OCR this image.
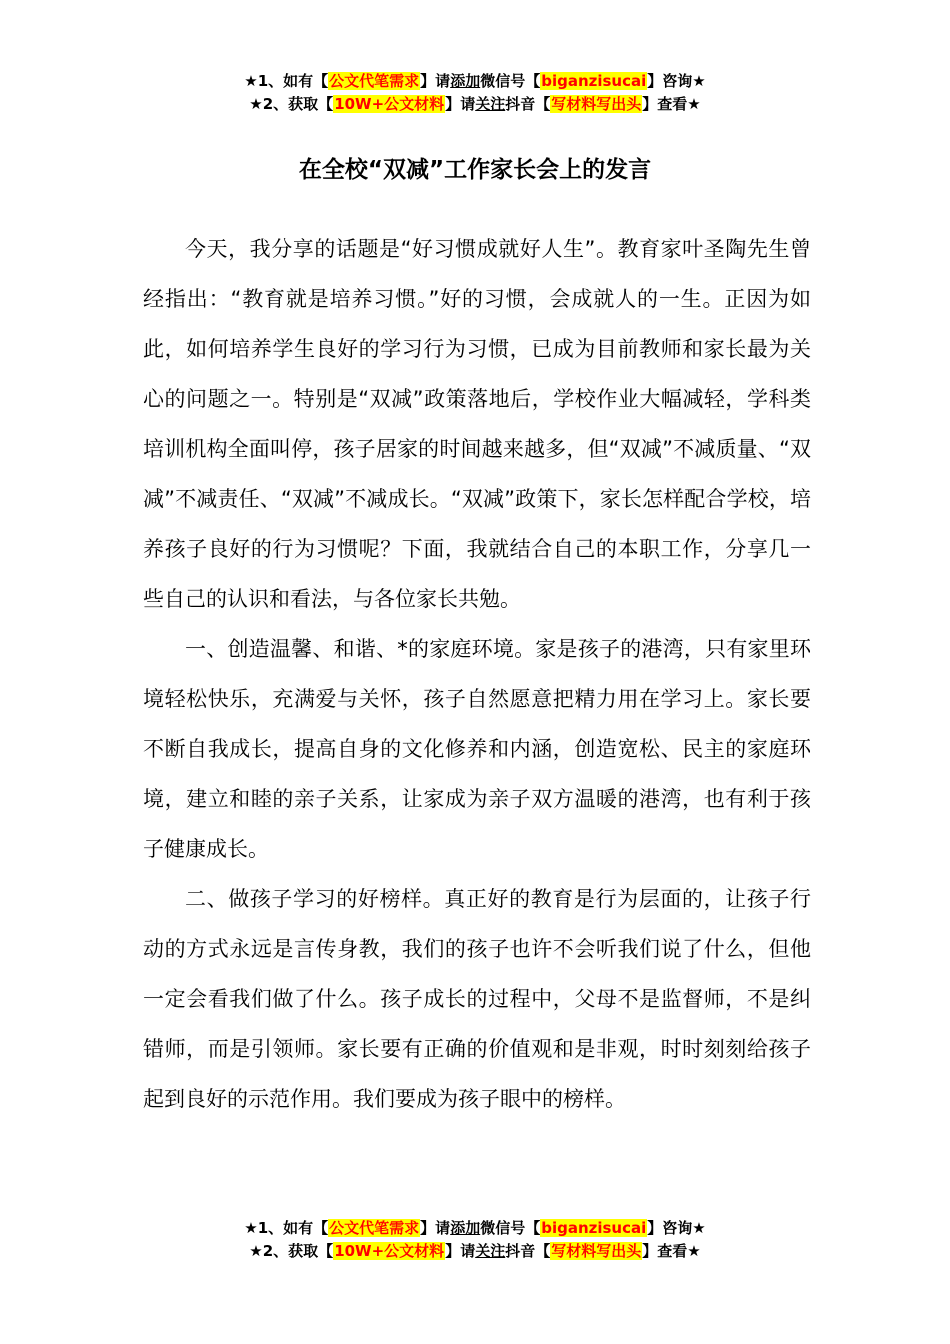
★1、如有【公文代笔需求】请添加微信号【biganzisucai】咨询★
★2、获取【10W+公文材料】请关注抖音【写材料写出头】查看★
在全校“双减”工作家长会上的发言

今天，我分享的话题是“好习惯成就好人生”。教育家叶圣陶先生曾经指出：“教育就是培养习惯。”好的习惯，会成就人的一生。正因为如此，如何培养学生良好的学习行为习惯，已成为目前教师和家长最为关心的问题之一。特别是“双减”政策落地后，学校作业大幅减轻，学科类培训机构全面叫停，孩子居家的时间越来越多，但“双减”不减质量、“双减”不减责任、“双减”不减成长。“双减”政策下，家长怎样配合学校，培养孩子良好的行为习惯呢？下面，我就结合自己的本职工作，分享几一些自己的认识和看法，与各位家长共勉。

一、创造温馨、和谐、*的家庭环境。家是孩子的港湾，只有家里环境轻松快乐，充满爱与关怀，孩子自然愿意把精力用在学习上。家长要不断自我成长，提高自身的文化修养和内涵，创造宽松、民主的家庭环境，建立和睦的亲子关系，让家成为亲子双方温暖的港湾，也有利于孩子健康成长。

二、做孩子学习的好榜样。真正好的教育是行为层面的，让孩子行动的方式永远是言传身教，我们的孩子也许不会听我们说了什么，但他一定会看我们做了什么。孩子成长的过程中，父母不是监督师，不是纠错师，而是引领师。家长要有正确的价值观和是非观，时时刻刻给孩子起到良好的示范作用。我们要成为孩子眼中的榜样。

★1、如有【公文代笔需求】请添加微信号【biganzisucai】咨询★
★2、获取【10W+公文材料】请关注抖音【写材料写出头】查看★
